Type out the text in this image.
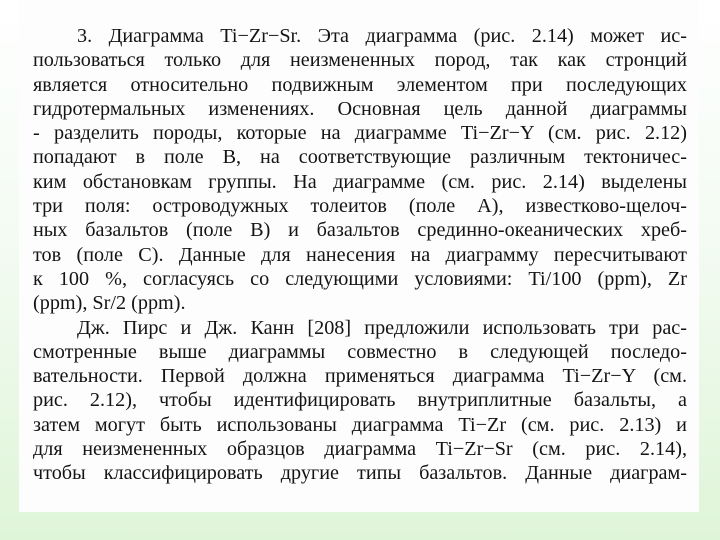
3. Диаграмма Ti−Zr−Sr. Эта диаграмма (рис. 2.14) может ис-
пользоваться только для неизмененных пород, так как стронций
является относительно подвижным элементом при последующих
гидротермальных изменениях. Основная цель данной диаграммы
- разделить породы, которые на диаграмме Ti−Zr−Y (см. рис. 2.12)
попадают в поле B, на соответствующие различным тектоничес-
ким обстановкам группы. На диаграмме (см. рис. 2.14) выделены
три поля: островодужных толеитов (поле A), известково-щелоч-
ных базальтов (поле B) и базальтов срединно-океанических хреб-
тов (поле C). Данные для нанесения на диаграмму пересчитывают
к 100 %, согласуясь со следующими условиями: Ti/100 (ppm), Zr
(ppm), Sr/2 (ppm).
Дж. Пирс и Дж. Канн [208] предложили использовать три рас-
смотренные выше диаграммы совместно в следующей последо-
вательности. Первой должна применяться диаграмма Ti−Zr−Y (см.
рис. 2.12), чтобы идентифицировать внутриплитные базальты, а
затем могут быть использованы диаграмма Ti−Zr (см. рис. 2.13) и
для неизмененных образцов диаграмма Ti−Zr−Sr (см. рис. 2.14),
чтобы классифицировать другие типы базальтов. Данные диаграм-
